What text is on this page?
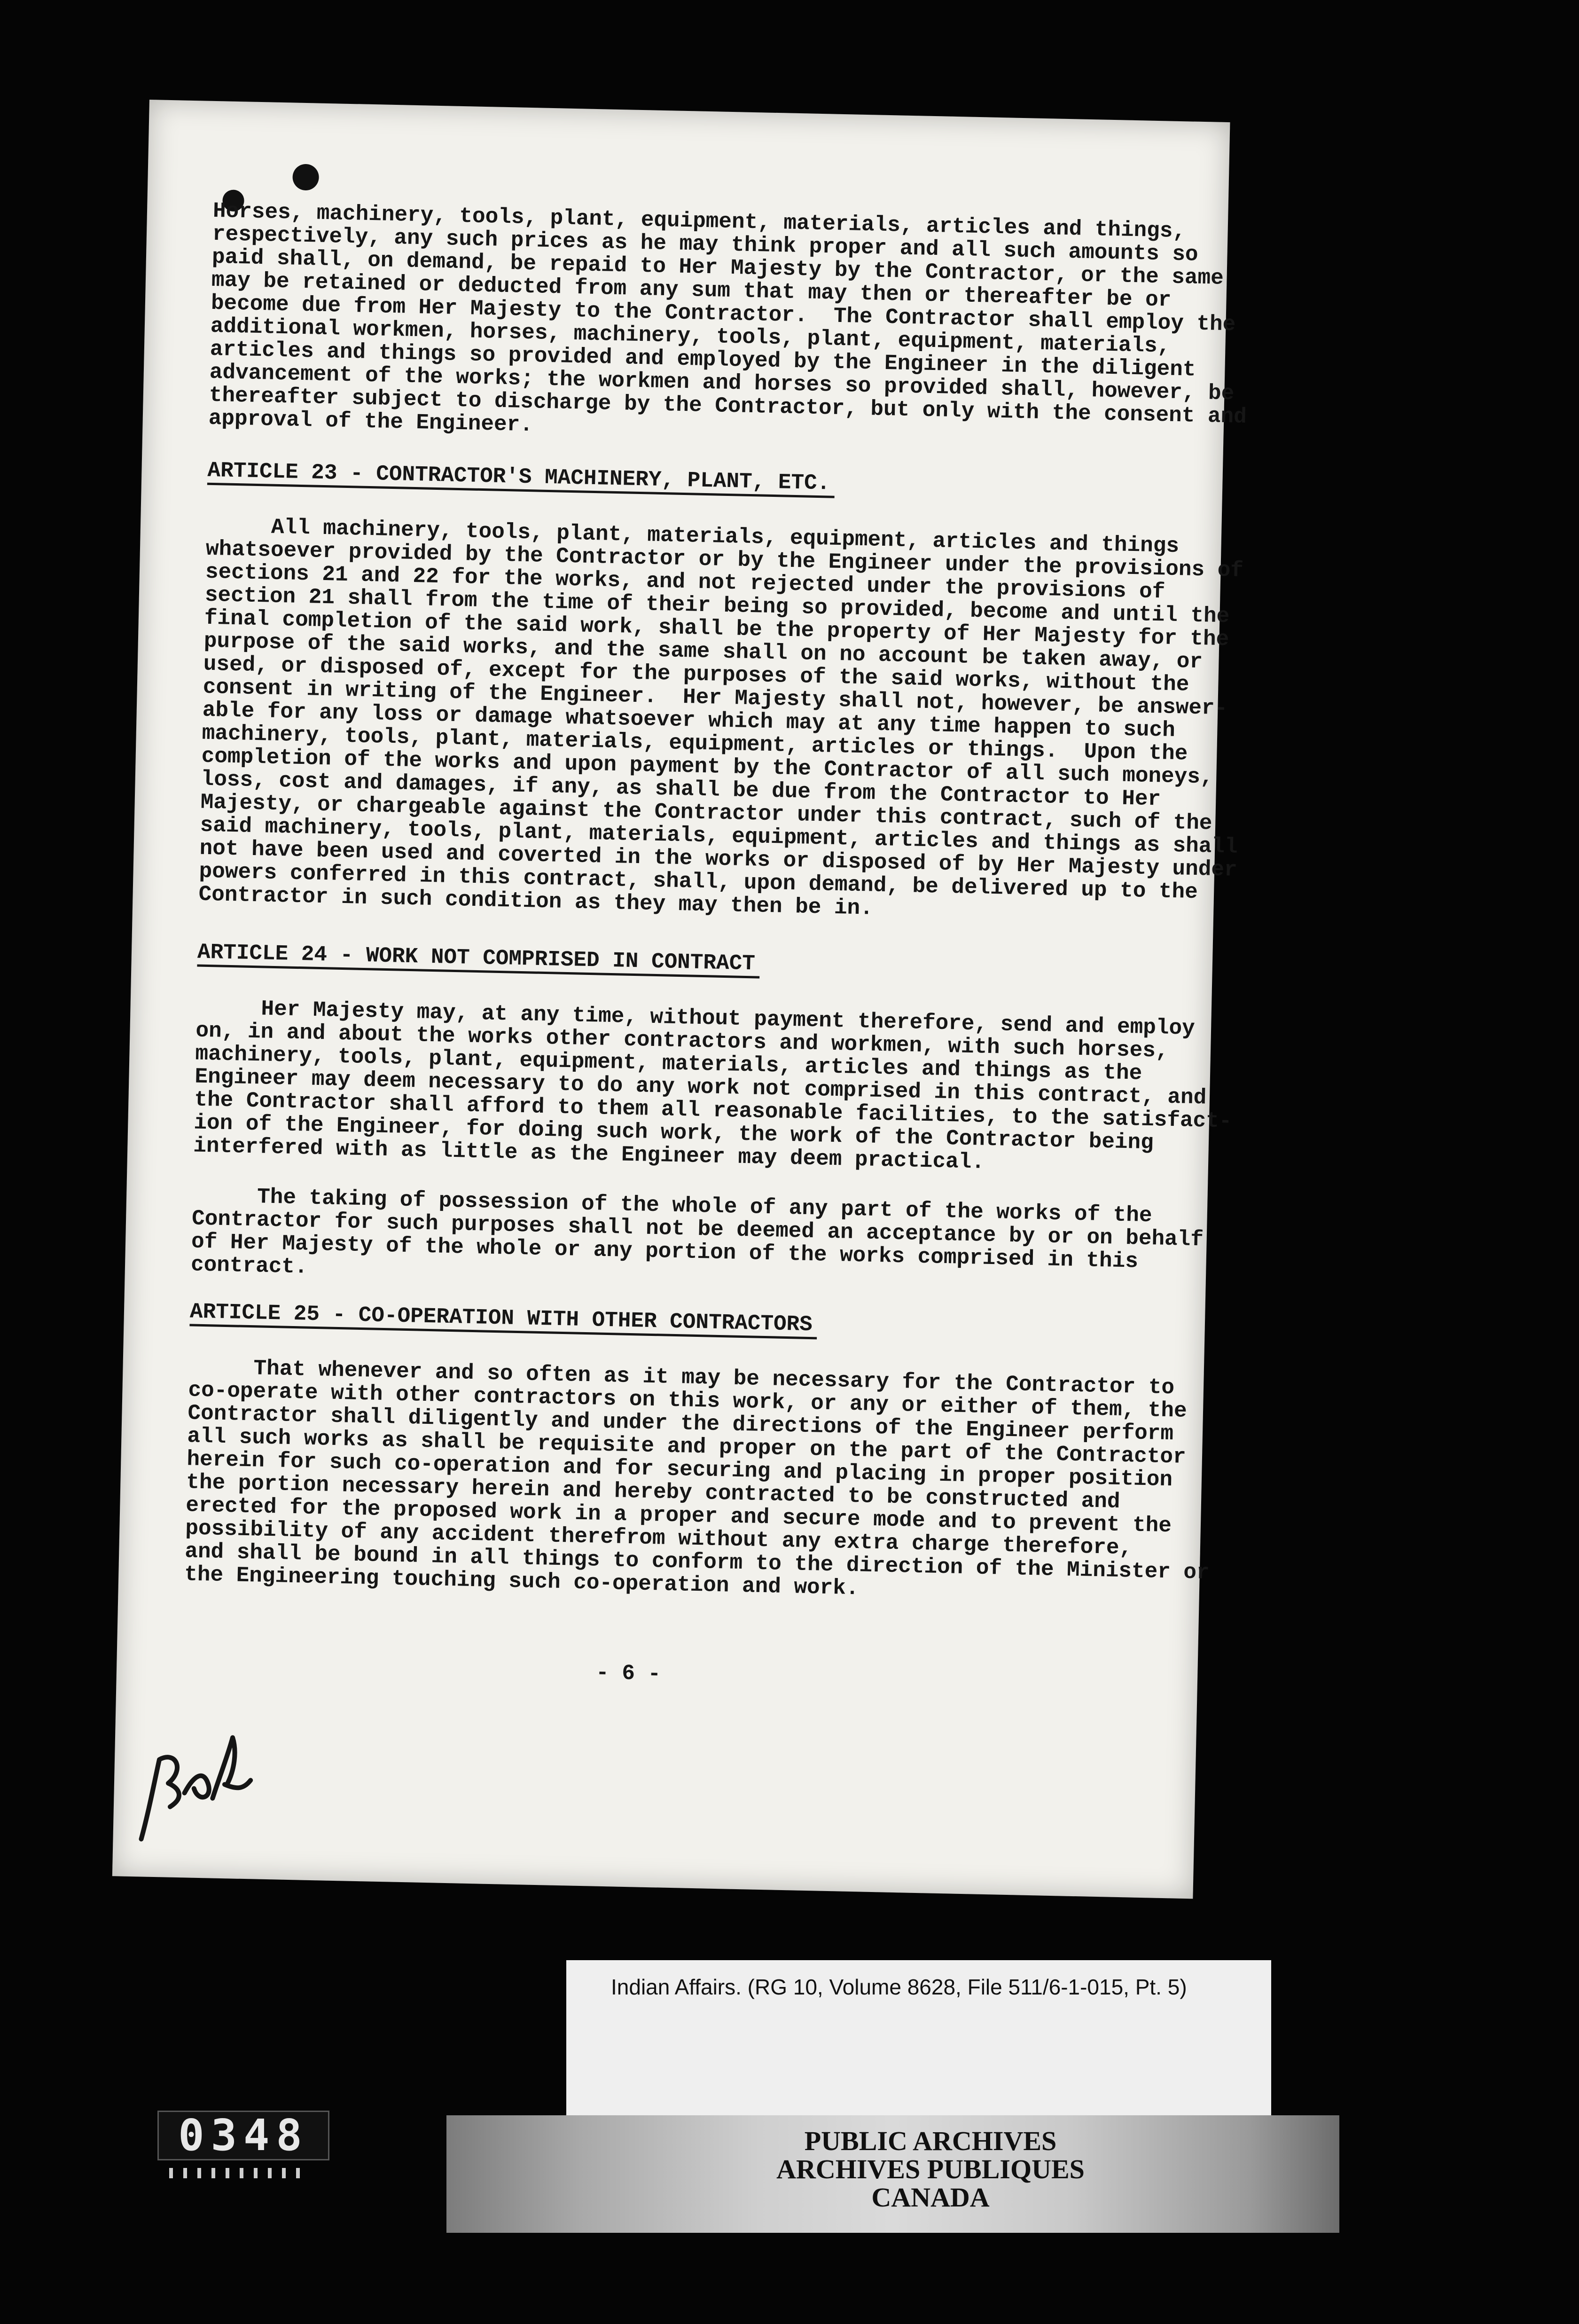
Horses, machinery, tools, plant, equipment, materials, articles and things,
respectively, any such prices as he may think proper and all such amounts so
paid shall, on demand, be repaid to Her Majesty by the Contractor, or the same
may be retained or deducted from any sum that may then or thereafter be or
become due from Her Majesty to the Contractor.  The Contractor shall employ the
additional workmen, horses, machinery, tools, plant, equipment, materials,
articles and things so provided and employed by the Engineer in the diligent
advancement of the works; the workmen and horses so provided shall, however, be
thereafter subject to discharge by the Contractor, but only with the consent and
approval of the Engineer.
ARTICLE 23 - CONTRACTOR'S MACHINERY, PLANT, ETC.
All machinery, tools, plant, materials, equipment, articles and things
whatsoever provided by the Contractor or by the Engineer under the provisions of
sections 21 and 22 for the works, and not rejected under the provisions of
section 21 shall from the time of their being so provided, become and until the
final completion of the said work, shall be the property of Her Majesty for the
purpose of the said works, and the same shall on no account be taken away, or
used, or disposed of, except for the purposes of the said works, without the
consent in writing of the Engineer.  Her Majesty shall not, however, be answer-
able for any loss or damage whatsoever which may at any time happen to such
machinery, tools, plant, materials, equipment, articles or things.  Upon the
completion of the works and upon payment by the Contractor of all such moneys,
loss, cost and damages, if any, as shall be due from the Contractor to Her
Majesty, or chargeable against the Contractor under this contract, such of the
said machinery, tools, plant, materials, equipment, articles and things as shall
not have been used and coverted in the works or disposed of by Her Majesty under
powers conferred in this contract, shall, upon demand, be delivered up to the
Contractor in such condition as they may then be in.
ARTICLE 24 - WORK NOT COMPRISED IN CONTRACT
Her Majesty may, at any time, without payment therefore, send and employ
on, in and about the works other contractors and workmen, with such horses,
machinery, tools, plant, equipment, materials, articles and things as the
Engineer may deem necessary to do any work not comprised in this contract, and
the Contractor shall afford to them all reasonable facilities, to the satisfact-
ion of the Engineer, for doing such work, the work of the Contractor being
interfered with as little as the Engineer may deem practical.
The taking of possession of the whole of any part of the works of the
Contractor for such purposes shall not be deemed an acceptance by or on behalf
of Her Majesty of the whole or any portion of the works comprised in this
contract.
ARTICLE 25 - CO-OPERATION WITH OTHER CONTRACTORS
That whenever and so often as it may be necessary for the Contractor to
co-operate with other contractors on this work, or any or either of them, the
Contractor shall diligently and under the directions of the Engineer perform
all such works as shall be requisite and proper on the part of the Contractor
herein for such co-operation and for securing and placing in proper position
the portion necessary herein and hereby contracted to be constructed and
erected for the proposed work in a proper and secure mode and to prevent the
possibility of any accident therefrom without any extra charge therefore,
and shall be bound in all things to conform to the direction of the Minister or
the Engineering touching such co-operation and work.
- 6 -
Indian Affairs. (RG 10, Volume 8628, File 511/6-1-015, Pt. 5)
PUBLIC ARCHIVES
ARCHIVES PUBLIQUES
CANADA
0348
